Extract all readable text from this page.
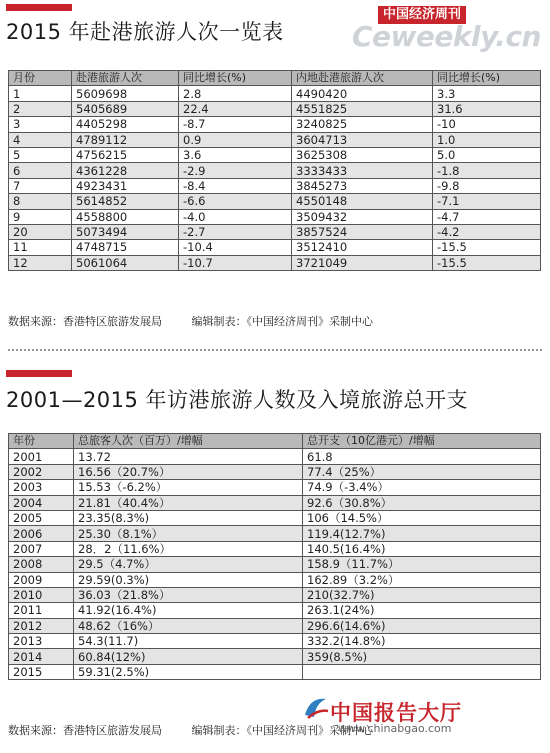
2015 年赴港旅游人次一览表
中国经济周刊
Ceweekly.cn
月份	赴港旅游人次	同比增长(%)	内地赴港旅游人次	同比增长(%)
1	5609698	2.8	4490420	3.3
2	5405689	22.4	4551825	31.6
3	4405298	-8.7	3240825	-10
4	4789112	0.9	3604713	1.0
5	4756215	3.6	3625308	5.0
6	4361228	-2.9	3333433	-1.8
7	4923431	-8.4	3845273	-9.8
8	5614852	-6.6	4550148	-7.1
9	4558800	-4.0	3509432	-4.7
20	5073494	-2.7	3857524	-4.2
11	4748715	-10.4	3512410	-15.5
12	5061064	-10.7	3721049	-15.5
数据来源：香港特区旅游发展局	编辑制表：《中国经济周刊》采制中心
2001—2015 年访港旅游人数及入境旅游总开支
年份	总旅客人次（百万）/增幅	总开支（10亿港元）/增幅
2001	13.72	61.8
2002	16.56（20.7%）	77.4（25%）
2003	15.53（-6.2%）	74.9（-3.4%）
2004	21.81（40.4%）	92.6（30.8%）
2005	23.35(8.3%)	106（14.5%）
2006	25.30（8.1%）	119.4(12.7%)
2007	28．2（11.6%）	140.5(16.4%)
2008	29.5（4.7%）	158.9（11.7%）
2009	29.59(0.3%)	162.89（3.2%）
2010	36.03（21.8%）	210(32.7%)
2011	41.92(16.4%)	263.1(24%)
2012	48.62（16%）	296.6(14.6%)
2013	54.3(11.7)	332.2(14.8%)
2014	60.84(12%)	359(8.5%)
2015	59.31(2.5%)	
数据来源：香港特区旅游发展局	编辑制表：《中国经济周刊》采制中心
中国报告大厅
www.chinabgao.com
